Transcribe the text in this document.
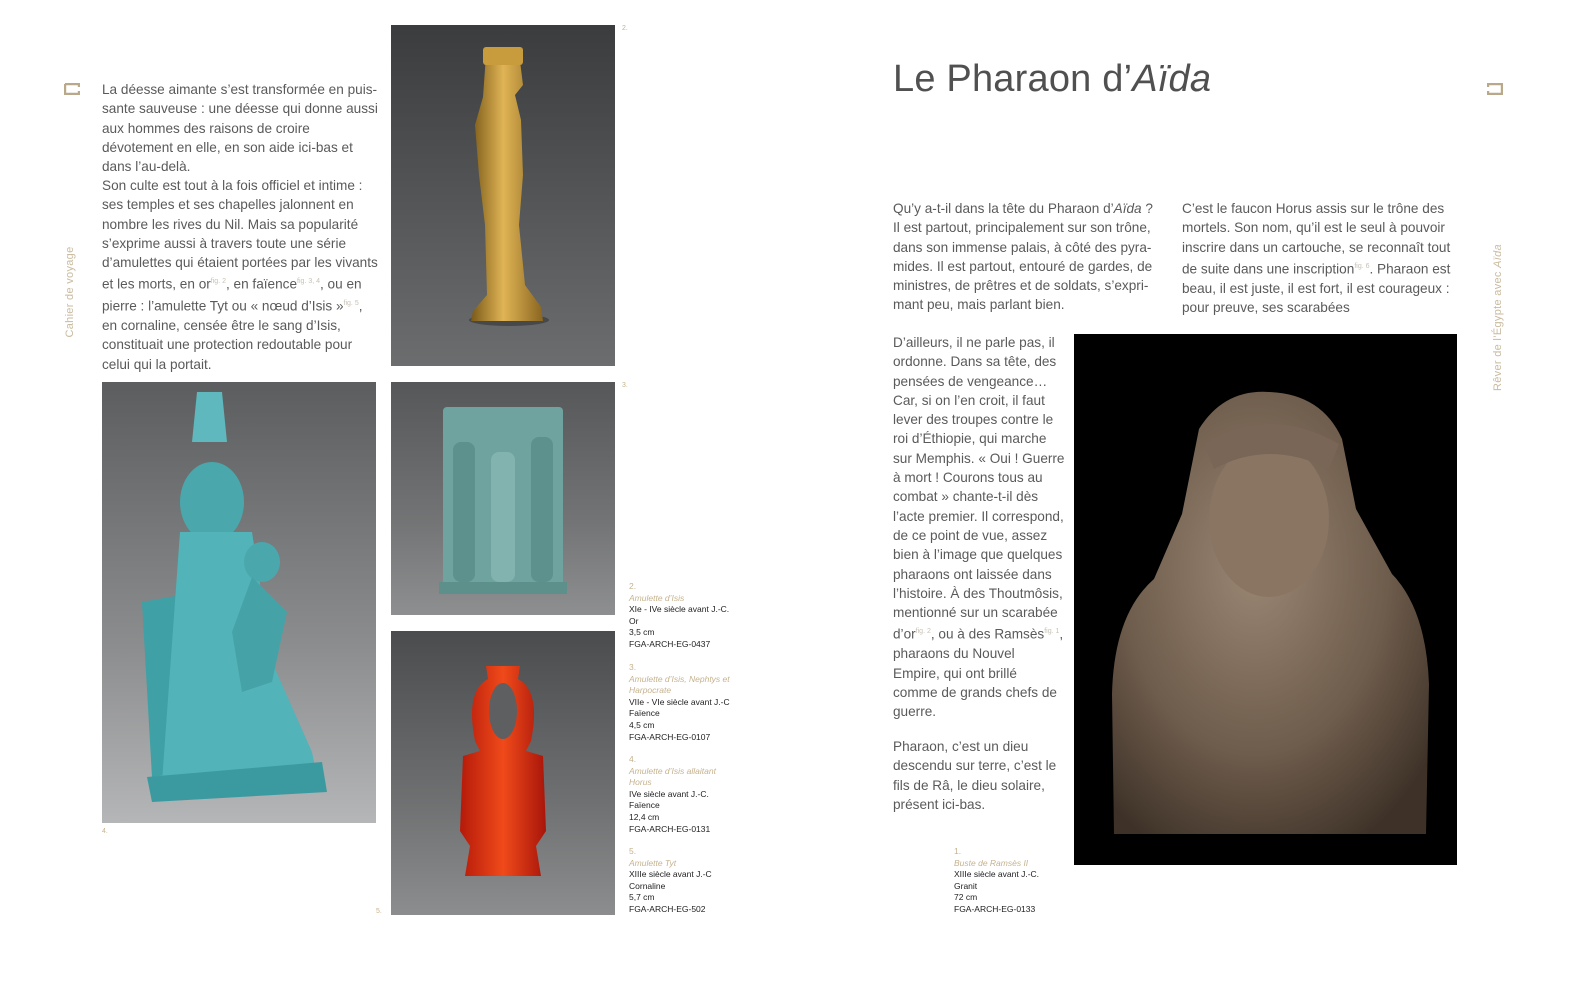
Cahier de voyage

La déesse aimante s’est transformée en puissante sauveuse : une déesse qui donne aussi aux hommes des raisons de croire dévotement en elle, en son aide ici-bas et dans l’au-delà.

Son culte est tout à la fois officiel et intime : ses temples et ses chapelles jalonnent en nombre les rives du Nil. Mais sa popularité s’exprime aussi à travers toute une série d’amulettes qui étaient portées par les vivants et les morts, en or$^{fig. 2}$, en faïence$^{fig. 3, 4}$, ou en pierre : l’amulette Tyt ou « nœud d’Isis »$^{fig. 5}$, en cornaline, censée être le sang d’Isis, constituait une protection redoutable pour celui qui la portait.

2.
4.
3.
5.
2.
Amulette d’Isis
XIe - IVe siècle avant J.-C.
Or
3,5 cm
FGA-ARCH-EG-0437
3.
Amulette d’Isis, Nephtys et Harpocrate
VIIe - VIe siècle avant J.-C
Faïence
4,5 cm
FGA-ARCH-EG-0107
4.
Amulette d’Isis allaitant Horus
IVe siècle avant J.-C.
Faïence
12,4 cm
FGA-ARCH-EG-0131
5.
Amulette Tyt
XIIIe siècle avant J.-C
Cornaline
5,7 cm
FGA-ARCH-EG-502
Le Pharaon d’Aïda
Rêver de l’Égypte avec Aïda

Qu’y a-t-il dans la tête du Pharaon d’Aïda ? Il est partout, principalement sur son trône, dans son immense palais, à côté des pyramides. Il est partout, entouré de gardes, de ministres, de prêtres et de soldats, s’exprimant peu, mais parlant bien.

D’ailleurs, il ne parle pas, il ordonne. Dans sa tête, des pensées de vengeance… Car, si on l’en croit, il faut lever des troupes contre le roi d’Éthiopie, qui marche sur Memphis. « Oui ! Guerre à mort ! Courons tous au combat » chante-t-il dès l’acte premier. Il correspond, de ce point de vue, assez bien à l’image que quelques pharaons ont laissée dans l’histoire. À des Thoutmôsis, mentionné sur un scarabée d’or$^{fig. 2}$, ou à des Ramsès$^{fig. 1}$, pharaons du Nouvel Empire, qui ont brillé comme de grands chefs de guerre.

Pharaon, c’est un dieu descendu sur terre, c’est le fils de Râ, le dieu solaire, présent ici-bas.

C’est le faucon Horus assis sur le trône des mortels. Son nom, qu’il est le seul à pouvoir inscrire dans un cartouche, se reconnaît tout de suite dans une inscription$^{fig. 6}$. Pharaon est beau, il est juste, il est fort, il est courageux : pour preuve, ses scarabées

1.
Buste de Ramsès II
XIIIe siècle avant J.-C.
Granit
72 cm
FGA-ARCH-EG-0133
